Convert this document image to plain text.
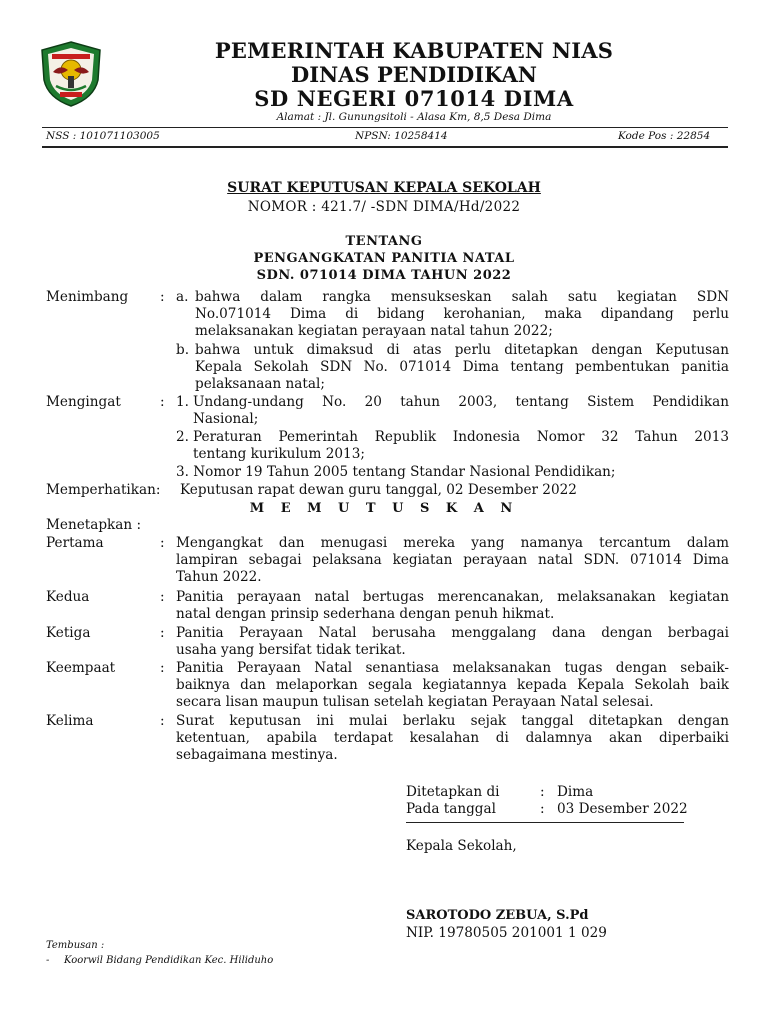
PEMERINTAH KABUPATEN NIAS
DINAS PENDIDIKAN
SD NEGERI 071014 DIMA
Alamat : Jl. Gunungsitoli - Alasa Km, 8,5 Desa Dima
NSS : 101071103005	NPSN: 10258414	Kode Pos : 22854
SURAT KEPUTUSAN KEPALA SEKOLAH
NOMOR : 421.7/ -SDN DIMA/Hd/2022
TENTANG
PENGANGKATAN PANITIA NATAL
SDN. 071014 DIMA TAHUN 2022
Menimbang : a. bahwa dalam rangka mensukseskan salah satu kegiatan SDN
No.071014 Dima di bidang kerohanian, maka dipandang perlu
melaksanakan kegiatan perayaan natal tahun 2022;
b. bahwa untuk dimaksud di atas perlu ditetapkan dengan Keputusan
Kepala Sekolah SDN No. 071014 Dima tentang pembentukan panitia
pelaksanaan natal;
Mengingat	: 1. Undang-undang No. 20 tahun 2003, tentang Sistem Pendidikan
Nasional;
2. Peraturan Pemerintah Republik Indonesia Nomor 32 Tahun 2013
tentang kurikulum 2013;
3. Nomor 19 Tahun 2005 tentang Standar Nasional Pendidikan;
Memperhatikan: Keputusan rapat dewan guru tanggal, 02 Desember 2022
M E M U T U S K A N
Menetapkan :
Pertama	: Mengangkat dan menugasi mereka yang namanya tercantum dalam
lampiran sebagai pelaksana kegiatan perayaan natal SDN. 071014 Dima
Tahun 2022.
Kedua	: Panitia perayaan natal bertugas merencanakan, melaksanakan kegiatan
natal dengan prinsip sederhana dengan penuh hikmat.
Ketiga	: Panitia Perayaan Natal berusaha menggalang dana dengan berbagai
usaha yang bersifat tidak terikat.
Keempaat	: Panitia Perayaan Natal senantiasa melaksanakan tugas dengan sebaik-
baiknya dan melaporkan segala kegiatannya kepada Kepala Sekolah baik
secara lisan maupun tulisan setelah kegiatan Perayaan Natal selesai.
Kelima	: Surat keputusan ini mulai berlaku sejak tanggal ditetapkan dengan
ketentuan, apabila terdapat kesalahan di dalamnya akan diperbaiki
sebagaimana mestinya.
Ditetapkan di	: Dima
Pada tanggal	: 03 Desember 2022
Kepala Sekolah,
SAROTODO ZEBUA, S.Pd
NIP. 19780505 201001 1 029
Tembusan :
- Koorwil Bidang Pendidikan Kec. Hiliduho
